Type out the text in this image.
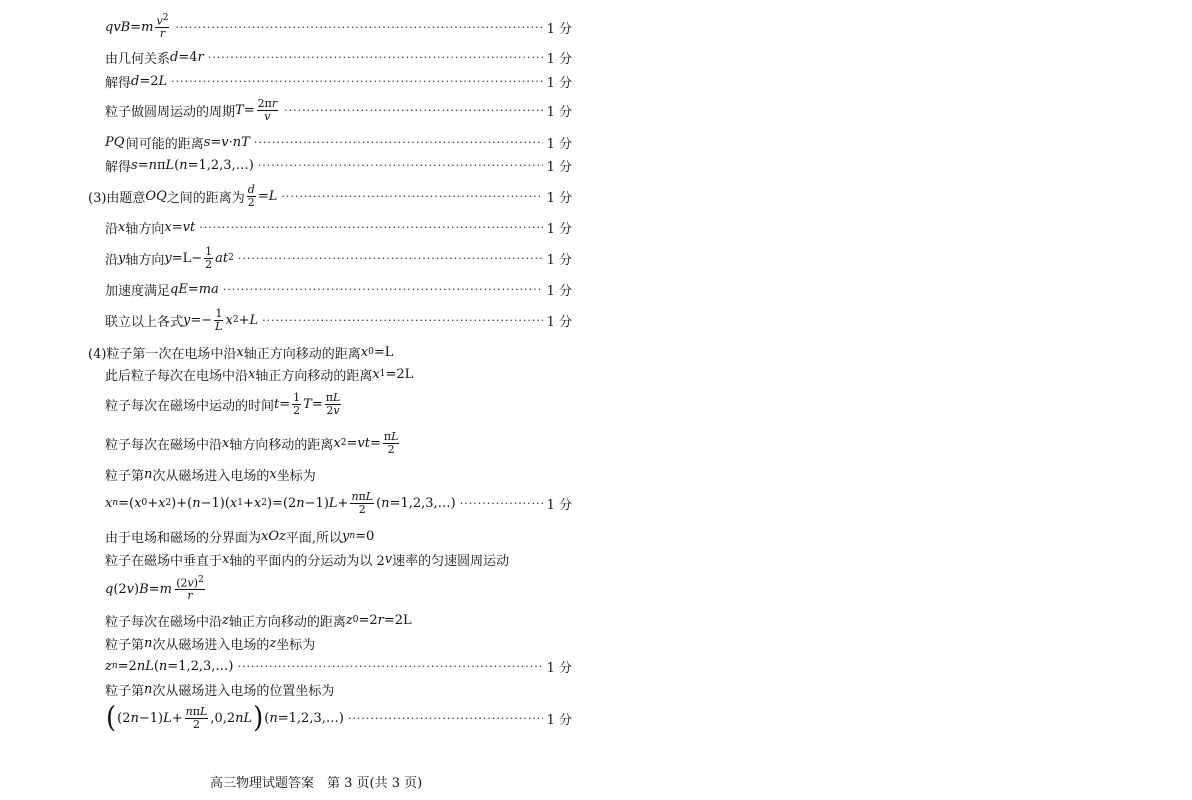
qvB = m $\frac{v^2}{r}$ ·····	1 分
由几何关系 d =4 r ·····	1 分
解得 d =2 L ·····	1 分
粒子做圆周运动的周期 $T = \frac{2\pi r}{v}$ ·····	1 分
PQ
  间可能的距离 s = v · nT ·····	1 分
解得 s = n π L ( n =1,2,3,…) ·····	1 分
(3)由题意 OQ 之间的距离为 $\frac{d}{2} = L$ ·····	1 分
沿 x 轴方向 x = vt ·····	1 分
沿 y 轴方向 $y =L- \frac{1}{2}$ at 2 ·····	1 分
加速度满足 qE = ma ·····	1 分
联立以上各式 $y =- \frac{1}{L}$ x 2 + L ·····	1 分
(4)粒子第一次在电场中沿 x 轴正方向移动的距离 x 0 =L
此后粒子每次在电场中沿 x 轴正方向移动的距离 x 1 =2L
粒子每次在磁场中运动的时间 $t = \frac{1}{2}$ $T = \frac{\pi L}{2v}$
粒子每次在磁场中沿 x 轴方向移动的距离 x 2 = vt = $\frac{\pi L}{2}$
粒子第 n 次从磁场进入电场的 x 坐标为
x n =( x 0 + x 2 )+( n −1)( x 1 + x 2 )=(2 n −1) $L + \frac{\text{nπL}}{2}$ ( n =1,2,3,…) ·····	1 分
由于电场和磁场的分界面为 xOz 平面,所以 y n =0
粒子在磁场中垂直于 x 轴的平面内的分运动为以 2 v 速率的匀速圆周运动
q (2 v ) B = m
  $\frac{(2v)^2}{r}$
粒子每次在磁场中沿 z 轴正方向移动的距离 z 0 =2 r =2L
粒子第 n 次从磁场进入电场的 z 坐标为
z n =2 nL ( n =1,2,3,…) ·····	1 分
粒子第 n 次从磁场进入电场的位置坐标为
( (2 n −1) $L + \frac{\text{nπL}}{2} ,0,2$ nL ) ( n =1,2,3,…) ·····	1 分
高三物理试题答案　第 3 页(共 3 页)
